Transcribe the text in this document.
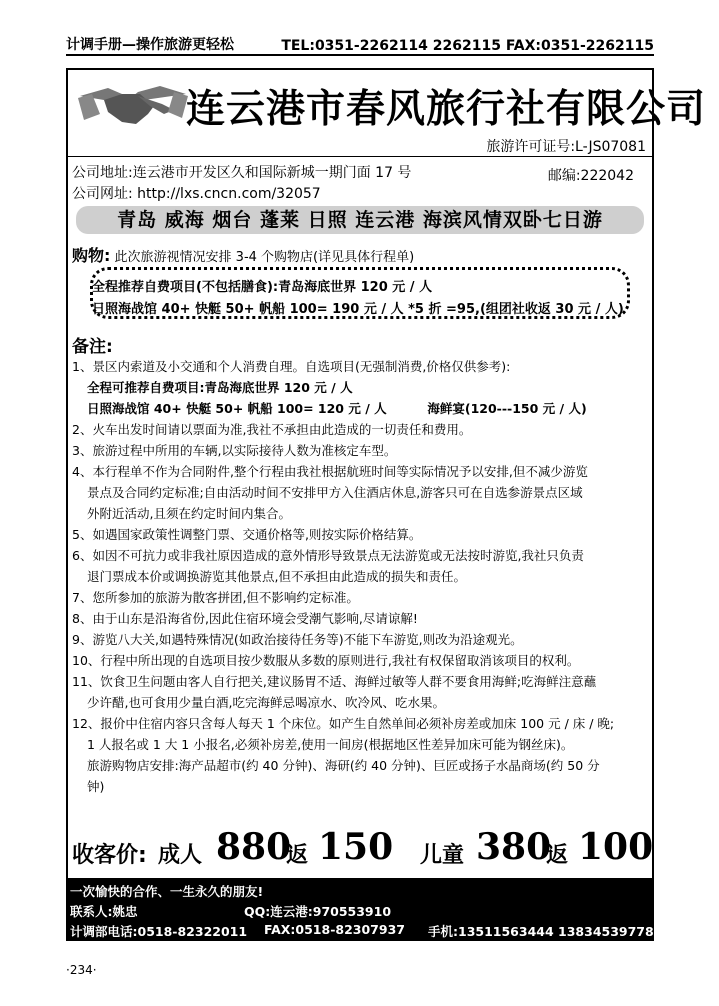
计调手册—操作旅游更轻松	TEL:0351-2262114 2262115 FAX:0351-2262115
连云港市春风旅行社有限公司
旅游许可证号:L-JS07081
公司地址:连云港市开发区久和国际新城一期门面 17 号	邮编:222042
公司网址: http://lxs.cncn.com/32057
青岛 威海 烟台 蓬莱 日照 连云港 海滨风情双卧七日游
购物: 此次旅游视情况安排 3-4 个购物店(详见具体行程单)
全程推荐自费项目(不包括膳食):青岛海底世界 120 元 / 人
日照海战馆 40+ 快艇 50+ 帆船 100= 190 元 / 人 *5 折 =95,(组团社收返 30 元 / 人)
备注:
1、景区内索道及小交通和个人消费自理。自选项目(无强制消费,价格仅供参考):
全程可推荐自费项目:青岛海底世界 120 元 / 人
日照海战馆 40+ 快艇 50+ 帆船 100= 120 元 / 人	海鲜宴(120---150 元 / 人)
2、火车出发时间请以票面为准,我社不承担由此造成的一切责任和费用。
3、旅游过程中所用的车辆,以实际接待人数为准核定车型。
4、本行程单不作为合同附件,整个行程由我社根据航班时间等实际情况予以安排,但不减少游览
景点及合同约定标准;自由活动时间不安排甲方入住酒店休息,游客只可在自选参游景点区域
外附近活动,且须在约定时间内集合。
5、如遇国家政策性调整门票、交通价格等,则按实际价格结算。
6、如因不可抗力或非我社原因造成的意外情形导致景点无法游览或无法按时游览,我社只负责
退门票成本价或调换游览其他景点,但不承担由此造成的损失和责任。
7、您所参加的旅游为散客拼团,但不影响约定标准。
8、由于山东是沿海省份,因此住宿环境会受潮气影响,尽请谅解!
9、游览八大关,如遇特殊情况(如政治接待任务等)不能下车游览,则改为沿途观光。
10、行程中所出现的自选项目按少数服从多数的原则进行,我社有权保留取消该项目的权利。
11、饮食卫生问题由客人自行把关,建议肠胃不适、海鲜过敏等人群不要食用海鲜;吃海鲜注意蘸
少许醋,也可食用少量白酒,吃完海鲜忌喝凉水、吹冷风、吃水果。
12、报价中住宿内容只含每人每天 1 个床位。如产生自然单间必须补房差或加床 100 元 / 床 / 晚;
1 人报名或 1 大 1 小报名,必须补房差,使用一间房(根据地区性差异加床可能为钢丝床)。
旅游购物店安排:海产品超市(约 40 分钟)、海研(约 40 分钟)、巨匠或扬子水晶商场(约 50 分
钟)
收客价: 成人 880
返 150 儿童 380
返 100
一次愉快的合作、一生永久的朋友!
联系人:姚忠	QQ:连云港:970553910
计调部电话:0518-82322011 FAX:0518-82307937 手机:13511563444 13834539778
·234·
